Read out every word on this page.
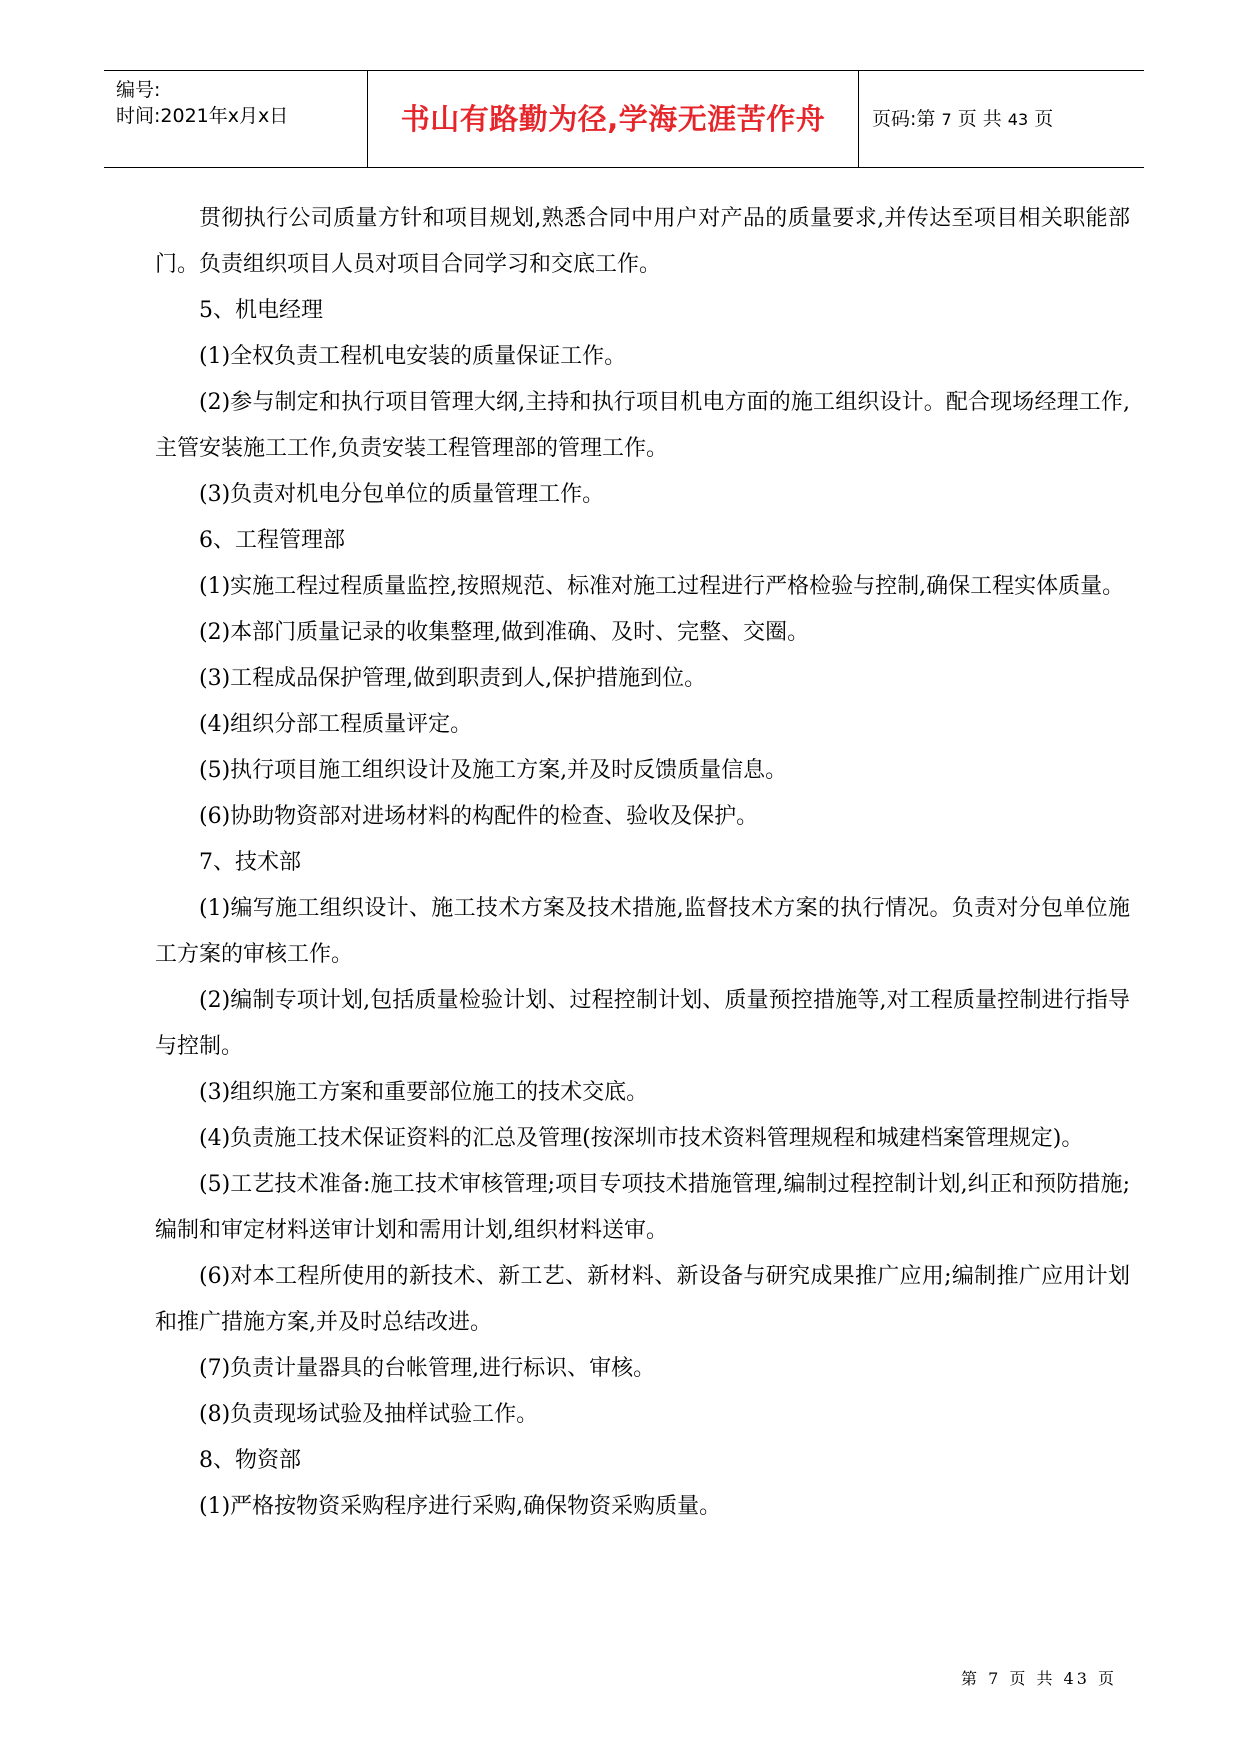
编号:
时间:2021年x月x日	书山有路勤为径,学海无涯苦作舟	页码:第 7 页 共 43 页

贯彻执行公司质量方针和项目规划,熟悉合同中用户对产品的质量要求,并传达至项目相关职能部门。负责组织项目人员对项目合同学习和交底工作。

5、机电经理

(1)全权负责工程机电安装的质量保证工作。

(2)参与制定和执行项目管理大纲,主持和执行项目机电方面的施工组织设计。配合现场经理工作,主管安装施工工作,负责安装工程管理部的管理工作。

(3)负责对机电分包单位的质量管理工作。

6、工程管理部

(1)实施工程过程质量监控,按照规范、标准对施工过程进行严格检验与控制,确保工程实体质量。

(2)本部门质量记录的收集整理,做到准确、及时、完整、交圈。

(3)工程成品保护管理,做到职责到人,保护措施到位。

(4)组织分部工程质量评定。

(5)执行项目施工组织设计及施工方案,并及时反馈质量信息。

(6)协助物资部对进场材料的构配件的检查、验收及保护。

7、技术部

(1)编写施工组织设计、施工技术方案及技术措施,监督技术方案的执行情况。负责对分包单位施工方案的审核工作。

(2)编制专项计划,包括质量检验计划、过程控制计划、质量预控措施等,对工程质量控制进行指导与控制。

(3)组织施工方案和重要部位施工的技术交底。

(4)负责施工技术保证资料的汇总及管理(按深圳市技术资料管理规程和城建档案管理规定)。

(5)工艺技术准备:施工技术审核管理;项目专项技术措施管理,编制过程控制计划,纠正和预防措施;编制和审定材料送审计划和需用计划,组织材料送审。

(6)对本工程所使用的新技术、新工艺、新材料、新设备与研究成果推广应用;编制推广应用计划和推广措施方案,并及时总结改进。

(7)负责计量器具的台帐管理,进行标识、审核。

(8)负责现场试验及抽样试验工作。

8、物资部

(1)严格按物资采购程序进行采购,确保物资采购质量。

第 7 页 共 43 页
